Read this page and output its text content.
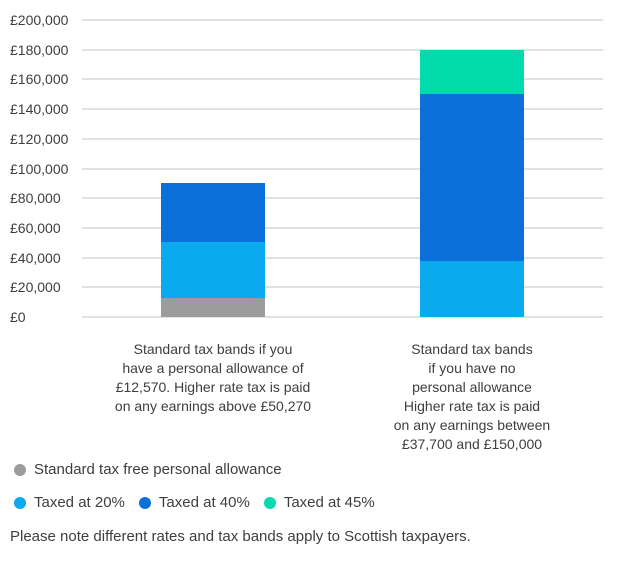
£200,000
£180,000
£160,000
£140,000
£120,000
£100,000
£80,000
£60,000
£40,000
£20,000
£0
Standard tax bands if you
have a personal allowance of
£12,570. Higher rate tax is paid
on any earnings above £50,270
Standard tax bands
if you have no
personal allowance
Higher rate tax is paid
on any earnings between
£37,700 and £150,000
Standard tax free personal allowance
Taxed at 20% Taxed at 40% Taxed at 45%
Please note different rates and tax bands apply to Scottish taxpayers.
